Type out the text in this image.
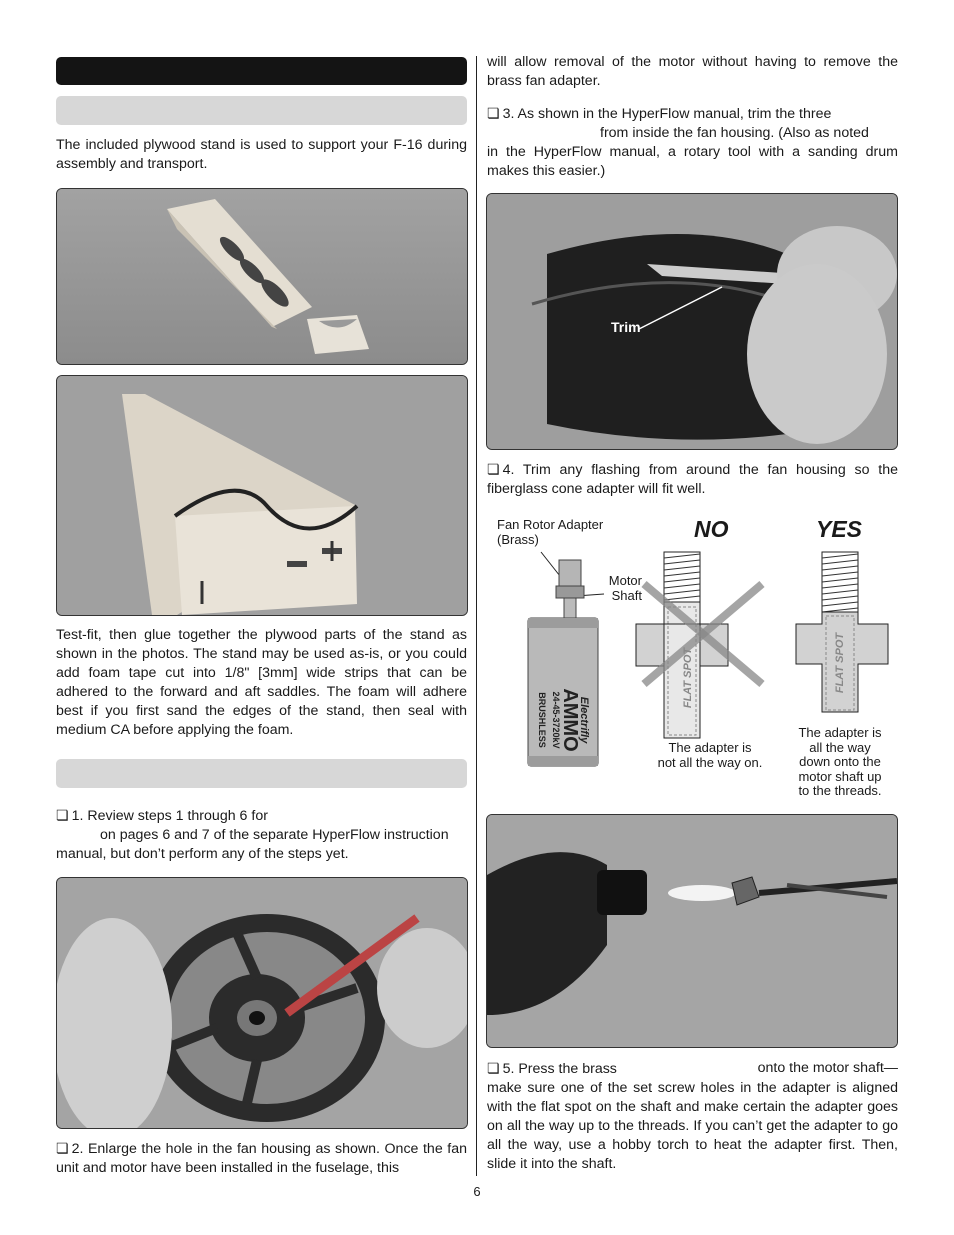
The included plywood stand is used to support your F-16 during assembly and transport.
Test-fit, then glue together the plywood parts of the stand as shown in the photos. The stand may be used as-is, or you could add foam tape cut into 1/8" [3mm] wide strips that can be adhered to the forward and aft saddles. The foam will adhere best if you first sand the edges of the stand, then seal with medium CA before applying the foam.
❏ 1. Review steps 1 through 6 for
on pages 6 and 7 of the separate HyperFlow instruction
manual, but don’t perform any of the steps yet.
❏ 2. Enlarge the hole in the fan housing as shown. Once the fan unit and motor have been installed in the fuselage, this
will allow removal of the motor without having to remove the brass fan adapter.
❏ 3. As shown in the HyperFlow manual, trim the three
from inside the fan housing. (Also as noted
in the HyperFlow manual, a rotary tool with a sanding drum makes this easier.)
Trim
❏ 4. Trim any flashing from around the fan housing so the fiberglass cone adapter will fit well.
Fan Rotor Adapter
(Brass)
Motor
Shaft
Electrifly
AMMO
24-45-3720kV
BRUSHLESS
NO	YES
FLAT SPOT	FLAT SPOT
The adapter is
not all the way on.
The adapter is
all the way
down onto the
motor shaft up
to the threads.
❏ 5. Press the brass	onto the motor shaft—
make sure one of the set screw holes in the adapter is aligned with the flat spot on the shaft and make certain the adapter goes on all the way up to the threads. If you can’t get the adapter to go all the way, use a hobby torch to heat the adapter first. Then, slide it into the shaft.
6
